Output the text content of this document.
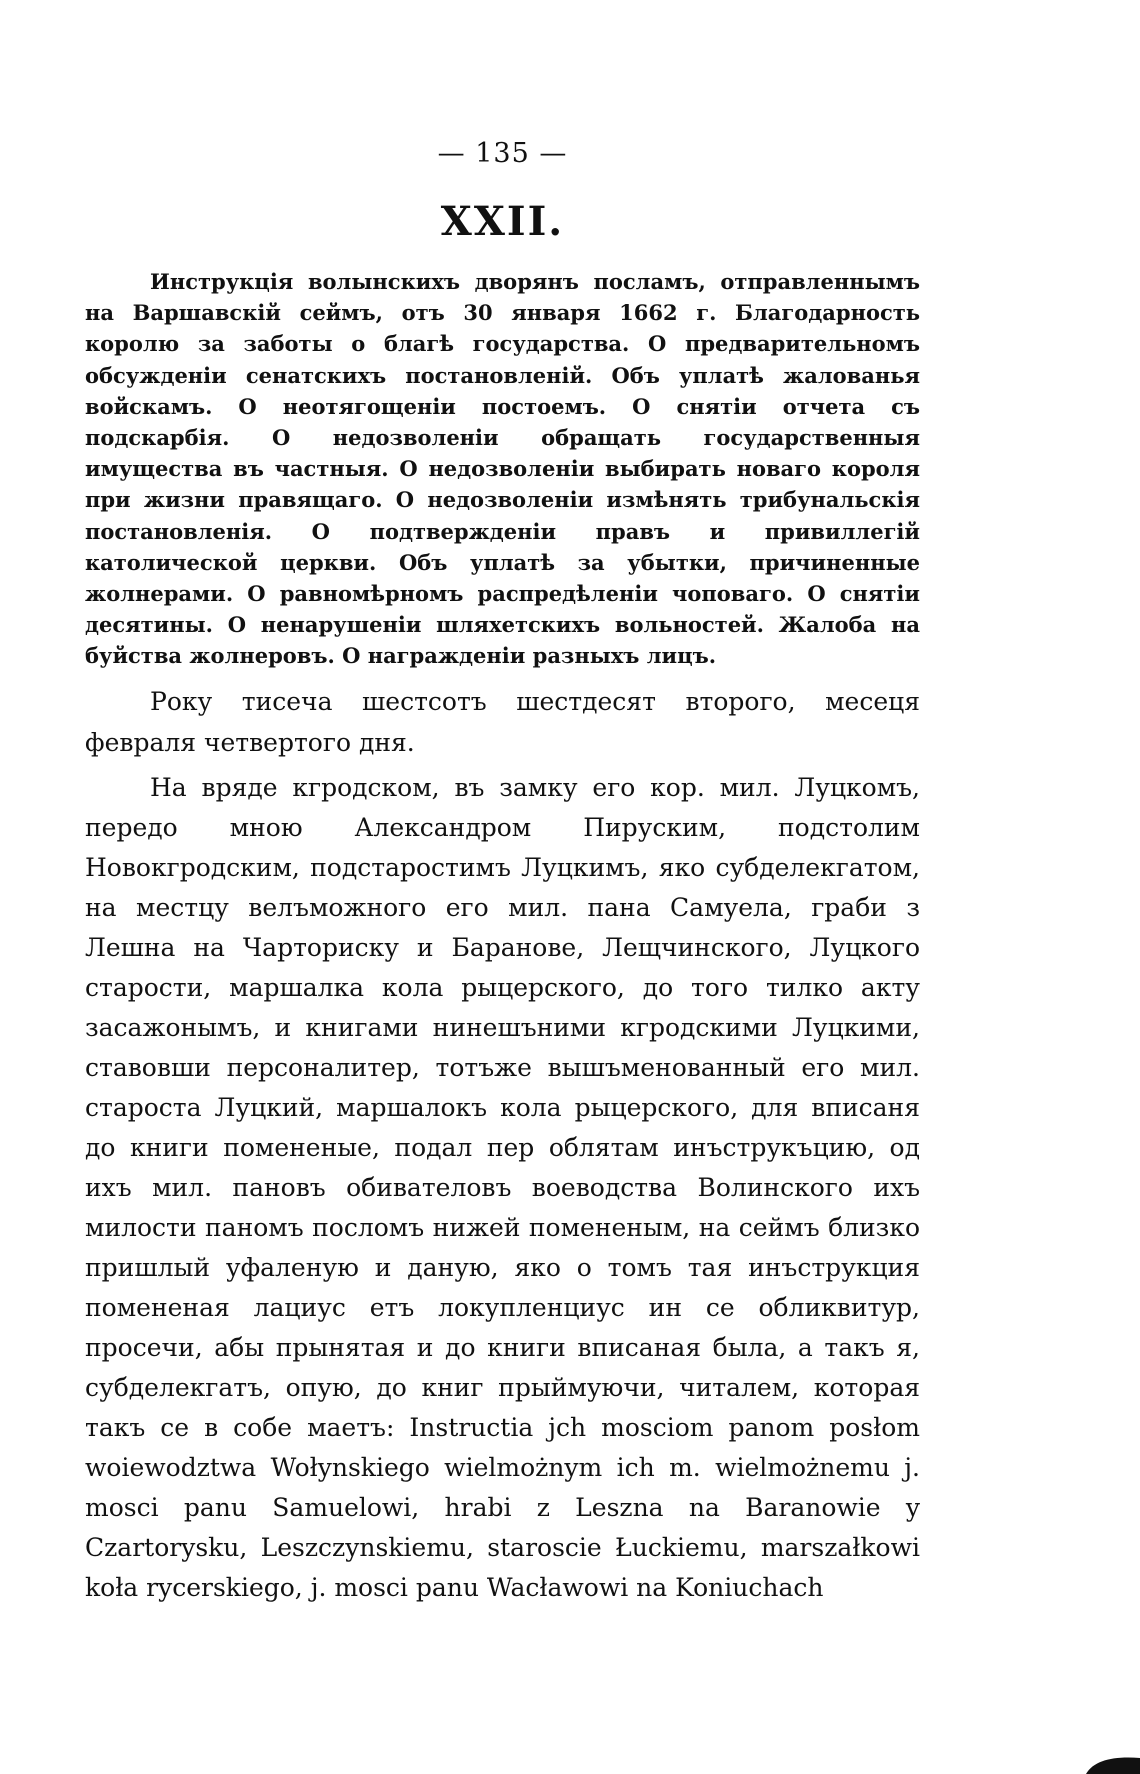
— 135 —
XXII.

Инструкція волынскихъ дворянъ посламъ, отправленнымъ на Варшавскій сеймъ, отъ 30 января 1662 г. Благодарность королю за заботы о благѣ государства. О предварительномъ обсужденіи сенатскихъ постановленій. Объ уплатѣ жалованья войскамъ. О неотягощеніи постоемъ. О снятіи отчета съ подскарбія. О недозволеніи обращать государственныя имущества въ частныя. О недозволеніи выбирать новаго короля при жизни правящаго. О недозволеніи измѣнять трибунальскія постановленія. О подтвержденіи правъ и привиллегій католической церкви. Объ уплатѣ за убытки, причиненные жолнерами. О равномѣрномъ распредѣленіи чоповаго. О снятіи десятины. О ненарушеніи шляхетскихъ вольностей. Жалоба на буйства жолнеровъ. О награжденіи разныхъ лицъ.

Року тисеча шестсотъ шестдесят второго, месеця февраля четвертого дня.

На вряде кгродском, въ замку его кор. мил. Луцкомъ, передо мною Александром Пируским, подстолим Новокгродским, подстаростимъ Луцкимъ, яко субделекгатом, на местцу велъможного его мил. пана Самуела, граби з Лешна на Чарториску и Баранове, Лещчинского, Луцкого старости, маршалка кола рыцерского, до того тилко акту засажонымъ, и книгами нинешъними кгродскими Луцкими, ставовши персоналитер, тотъже вышъменованный его мил. староста Луцкий, маршалокъ кола рыцерского, для вписаня до книги помененые, подал пер облятам инъструкъцию, од ихъ мил. пановъ обивателовъ воеводства Волинского ихъ милости паномъ посломъ нижей помененым, на сеймъ близко пришлый уфаленую и даную, яко о томъ тая инъструкция помененая лациус етъ локупленциус ин се обликвитур, просечи, абы прынятая и до книги вписаная была, а такъ я, субделекгатъ, опую, до книг прыймуючи, читалем, которая такъ се в собе маетъ: Instructia jch mosciom panom posłom woiewodztwa Wołynskiego wielmożnym ich m. wielmożnemu j. mosci panu Samuelowi, hrabi z Leszna na Baranowie y Czartorysku, Leszczynskiemu, staroscie Łuckiemu, marszałkowi koła rycerskiego, j. mosci panu Wacławowi na Koniuchach
